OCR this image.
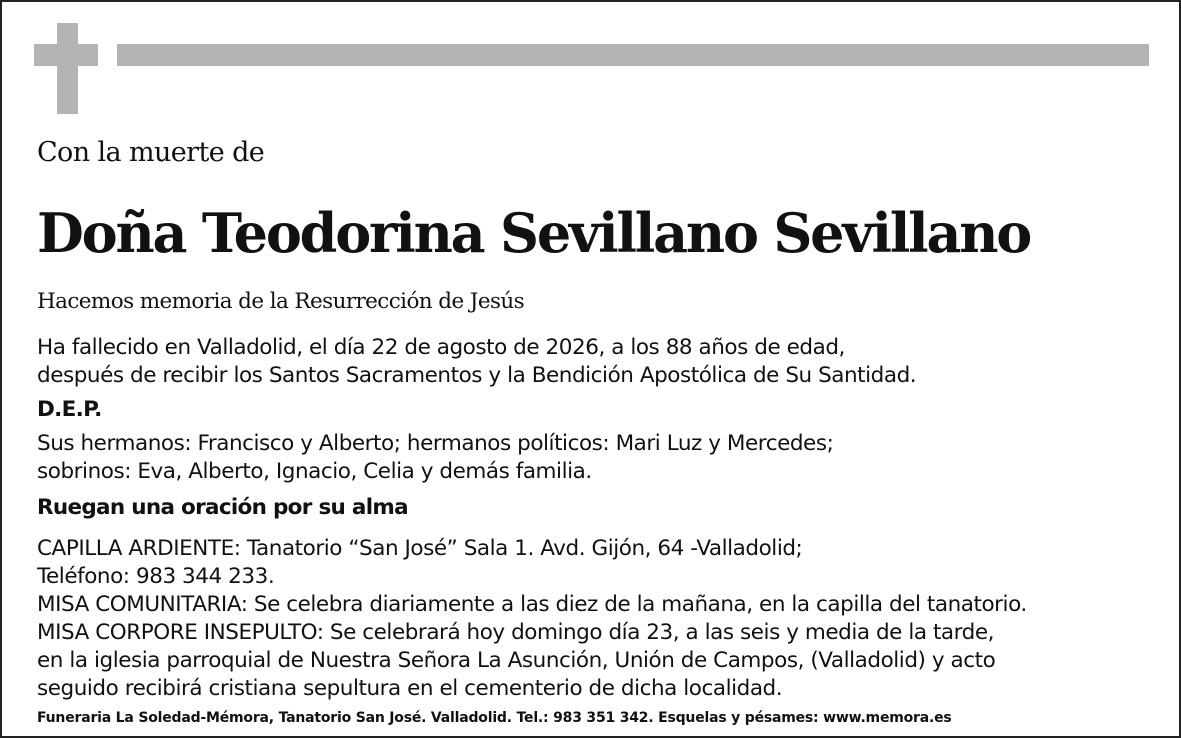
Con la muerte de
Doña Teodorina Sevillano Sevillano
Hacemos memoria de la Resurrección de Jesús
Ha fallecido en Valladolid, el día 22 de agosto de 2026, a los 88 años de edad,
después de recibir los Santos Sacramentos y la Bendición Apostólica de Su Santidad.
D.E.P.
Sus hermanos: Francisco y Alberto; hermanos políticos: Mari Luz y Mercedes;
sobrinos: Eva, Alberto, Ignacio, Celia y demás familia.
Ruegan una oración por su alma
CAPILLA ARDIENTE: Tanatorio “San José” Sala 1. Avd. Gijón, 64 -Valladolid;
Teléfono: 983 344 233.
MISA COMUNITARIA: Se celebra diariamente a las diez de la mañana, en la capilla del tanatorio.
MISA CORPORE INSEPULTO: Se celebrará hoy domingo día 23, a las seis y media de la tarde,
en la iglesia parroquial de Nuestra Señora La Asunción, Unión de Campos, (Valladolid) y acto
seguido recibirá cristiana sepultura en el cementerio de dicha localidad.
Funeraria La Soledad-Mémora, Tanatorio San José. Valladolid. Tel.: 983 351 342. Esquelas y pésames: www.memora.es
